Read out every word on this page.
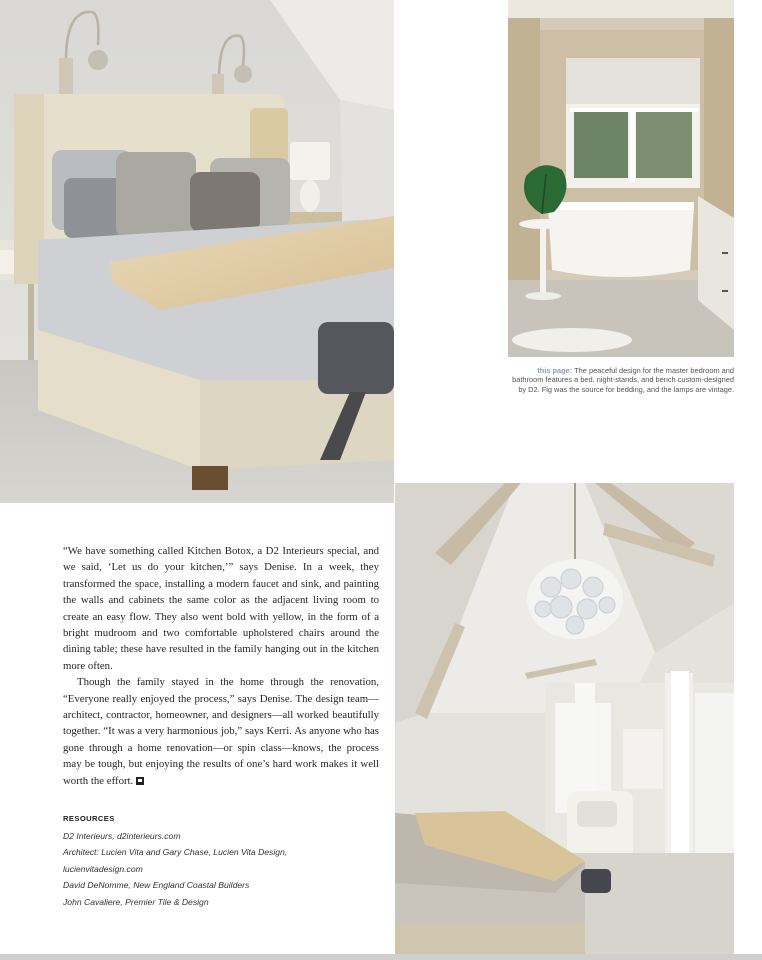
this page: The peaceful design for the master bedroom and bathroom features a bed, night-stands, and bench custom-designed by D2. Fig was the source for bedding, and the lamps are vintage.

“We have something called Kitchen Botox, a D2 Interieurs special, and we said, ‘Let us do your kitchen,’” says Denise. In a week, they transformed the space, installing a modern faucet and sink, and painting the walls and cabinets the same color as the adjacent living room to create an easy flow. They also went bold with yellow, in the form of a bright mudroom and two comfortable upholstered chairs around the dining table; these have resulted in the family hanging out in the kitchen more often.

Though the family stayed in the home through the renovation, “Everyone really enjoyed the process,” says Denise. The design team—architect, contractor, homeowner, and designers—all worked beautifully together. “It was a very harmonious job,” says Kerri. As anyone who has gone through a home renovation—or spin class—knows, the process may be tough, but enjoying the results of one’s hard work makes it well worth the effort.

RESOURCES
D2 Interieurs, d2interieurs.com
Architect: Lucien Vita and Gary Chase, Lucien Vita Design,
lucienvitadesign.com
David DeNomme, New England Coastal Builders
John Cavaliere, Premier Tile & Design
